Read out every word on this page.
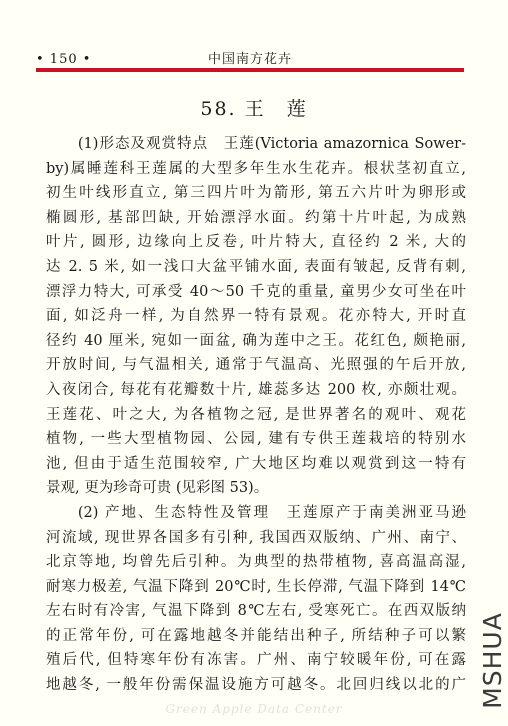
中国南方花卉
• 150 •
58. 王　莲
(1)形态及观赏特点　王莲(Victoria amazornica Sower-
by)属睡莲科王莲属的大型多年生水生花卉。根状茎初直立,
初生叶线形直立, 第三四片叶为箭形, 第五六片叶为卵形或
椭圆形, 基部凹缺, 开始漂浮水面。约第十片叶起, 为成熟
叶片, 圆形, 边缘向上反卷, 叶片特大, 直径约 2 米, 大的
达 2. 5 米, 如一浅口大盆平铺水面, 表面有皱起, 反背有刺,
漂浮力特大, 可承受 40～50 千克的重量, 童男少女可坐在叶
面, 如泛舟一样, 为自然界一特有景观。花亦特大, 开时直
径约 40 厘米, 宛如一面盆, 确为莲中之王。花红色, 颇艳丽,
开放时间, 与气温相关, 通常于气温高、光照强的午后开放,
入夜闭合, 每花有花瓣数十片, 雄蕊多达 200 枚, 亦颇壮观。
王莲花、叶之大, 为各植物之冠, 是世界著名的观叶、观花
植物, 一些大型植物园、公园, 建有专供王莲栽培的特别水
池, 但由于适生范围较窄, 广大地区均难以观赏到这一特有
景观, 更为珍奇可贵 (见彩图 53)。
(2) 产地、生态特性及管理　王莲原产于南美洲亚马逊
河流域, 现世界各国多有引种, 我国西双版纳、广州、南宁、
北京等地, 均曾先后引种。为典型的热带植物, 喜高温高湿,
耐寒力极差, 气温下降到 20℃时, 生长停滞, 气温下降到 14℃
左右时有冷害, 气温下降到 8℃左右, 受寒死亡。在西双版纳
的正常年份, 可在露地越冬并能结出种子, 所结种子可以繁
殖后代, 但特寒年份有冻害。广州、南宁较暖年份, 可在露
地越冬, 一般年份需保温设施方可越冬。北回归线以北的广
Green Apple Data Center
MSHUA
